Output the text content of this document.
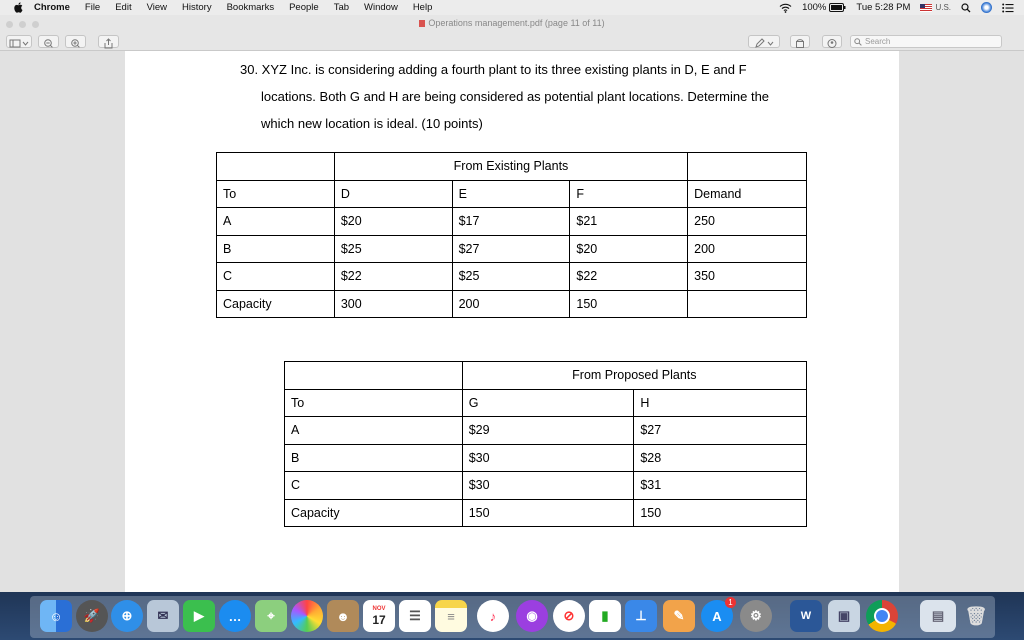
Chrome File Edit View History Bookmarks People Tab Window Help	100%	Tue 5:28 PM	U.S.
Operations management.pdf (page 11 of 11)
Search
30. XYZ Inc. is considering adding a fourth plant to its three existing plants in D, E and F
locations. Both G and H are being considered as potential plant locations. Determine the
which new location is ideal. (10 points)
	From Existing Plants			
To	D	E	F	Demand
A	$20	$17	$21	250
B	$25	$27	$20	200
C	$22	$25	$22	350
Capacity	300	200	150	
	From Proposed Plants	
To	G	H
A	$29	$27
B	$30	$28
C	$30	$31
Capacity	150	150
☺	🚀	⊕	✉	▶	…	⌖	☻	NOV
17	☰	≡	♪	◉	⊘	▮	⊥	✎	A
1
⚙	W	▣	▤	🗑
